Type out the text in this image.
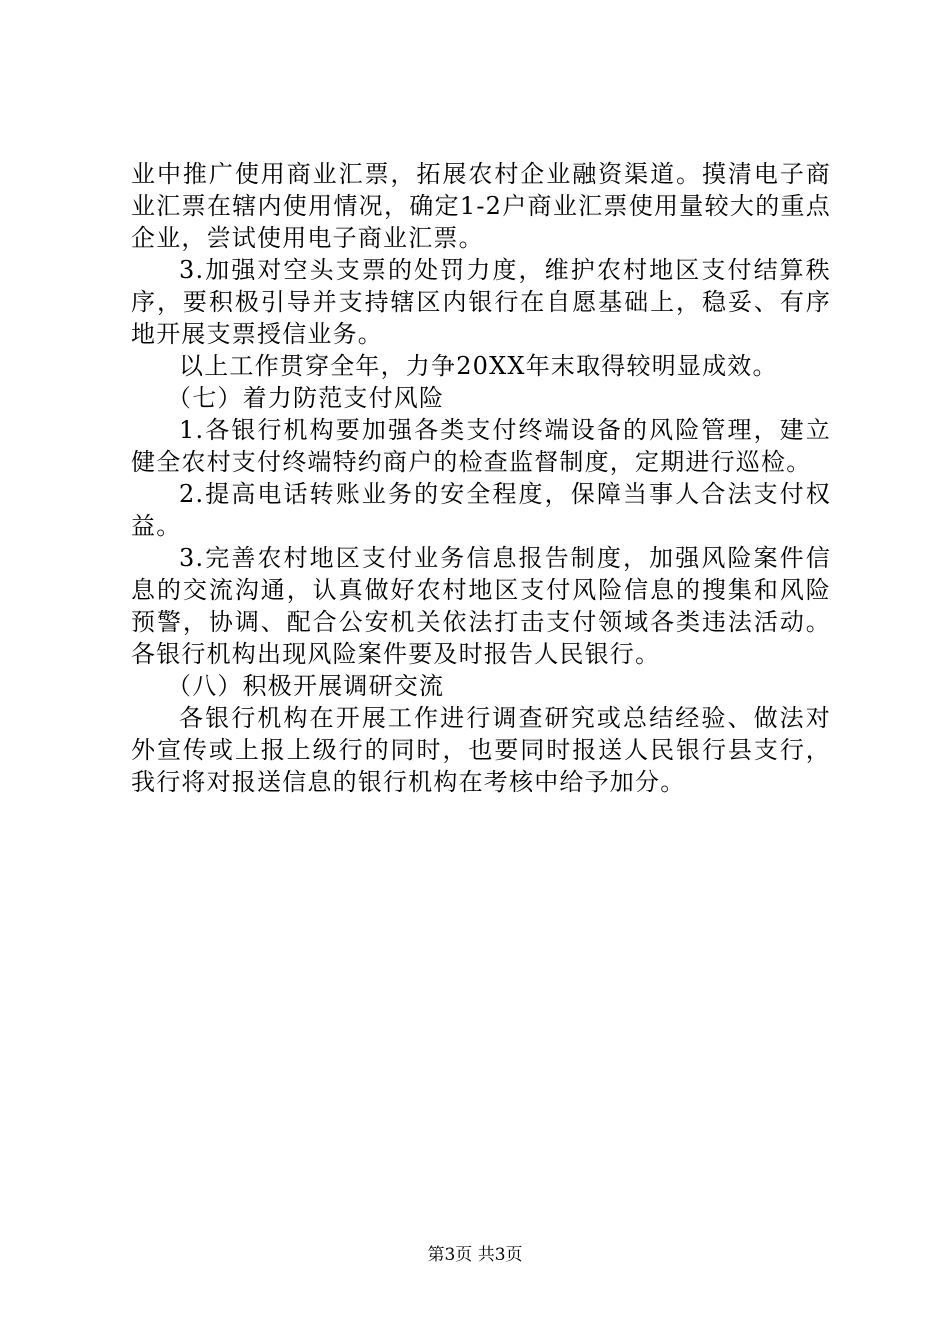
业中推广使用商业汇票，拓展农村企业融资渠道。摸清电子商业汇票在辖内使用情况，确定1-2户商业汇票使用量较大的重点企业，尝试使用电子商业汇票。

3.加强对空头支票的处罚力度，维护农村地区支付结算秩序，要积极引导并支持辖区内银行在自愿基础上，稳妥、有序地开展支票授信业务。

以上工作贯穿全年，力争20XX年末取得较明显成效。

（七）着力防范支付风险

1.各银行机构要加强各类支付终端设备的风险管理，建立健全农村支付终端特约商户的检查监督制度，定期进行巡检。

2.提高电话转账业务的安全程度，保障当事人合法支付权益。

3.完善农村地区支付业务信息报告制度，加强风险案件信息的交流沟通，认真做好农村地区支付风险信息的搜集和风险预警，协调、配合公安机关依法打击支付领域各类违法活动。各银行机构出现风险案件要及时报告人民银行。

（八）积极开展调研交流

各银行机构在开展工作进行调查研究或总结经验、做法对外宣传或上报上级行的同时，也要同时报送人民银行县支行，我行将对报送信息的银行机构在考核中给予加分。

第3页 共3页
